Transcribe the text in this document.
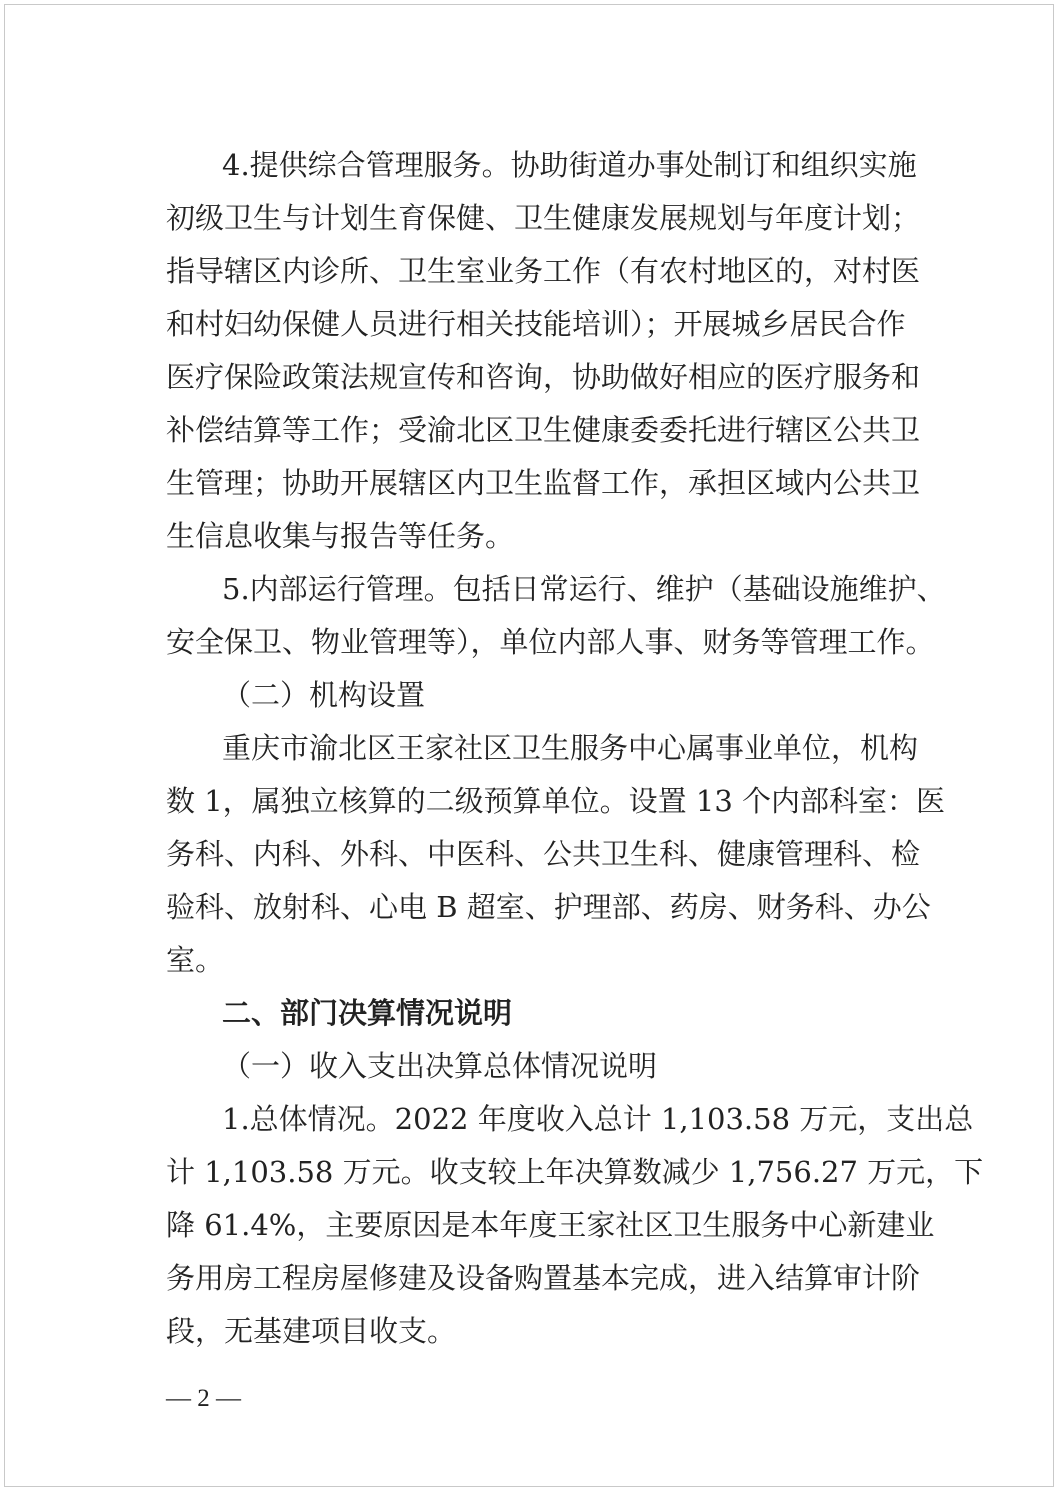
4.提供综合管理服务。协助街道办事处制订和组织实施
初级卫生与计划生育保健、卫生健康发展规划与年度计划；
指导辖区内诊所、卫生室业务工作（有农村地区的，对村医
和村妇幼保健人员进行相关技能培训）；开展城乡居民合作
医疗保险政策法规宣传和咨询，协助做好相应的医疗服务和
补偿结算等工作；受渝北区卫生健康委委托进行辖区公共卫
生管理；协助开展辖区内卫生监督工作，承担区域内公共卫
生信息收集与报告等任务。
5.内部运行管理。包括日常运行、维护（基础设施维护、
安全保卫、物业管理等），单位内部人事、财务等管理工作。
（二）机构设置
重庆市渝北区王家社区卫生服务中心属事业单位，机构
数 1，属独立核算的二级预算单位。设置 13 个内部科室：医
务科、内科、外科、中医科、公共卫生科、健康管理科、检
验科、放射科、心电 B 超室、护理部、药房、财务科、办公
室。
二、部门决算情况说明
（一）收入支出决算总体情况说明
1.总体情况。2022 年度收入总计 1,103.58 万元，支出总
计 1,103.58 万元。收支较上年决算数减少 1,756.27 万元，下
降 61.4%，主要原因是本年度王家社区卫生服务中心新建业
务用房工程房屋修建及设备购置基本完成，进入结算审计阶
段，无基建项目收支。
— 2 —
